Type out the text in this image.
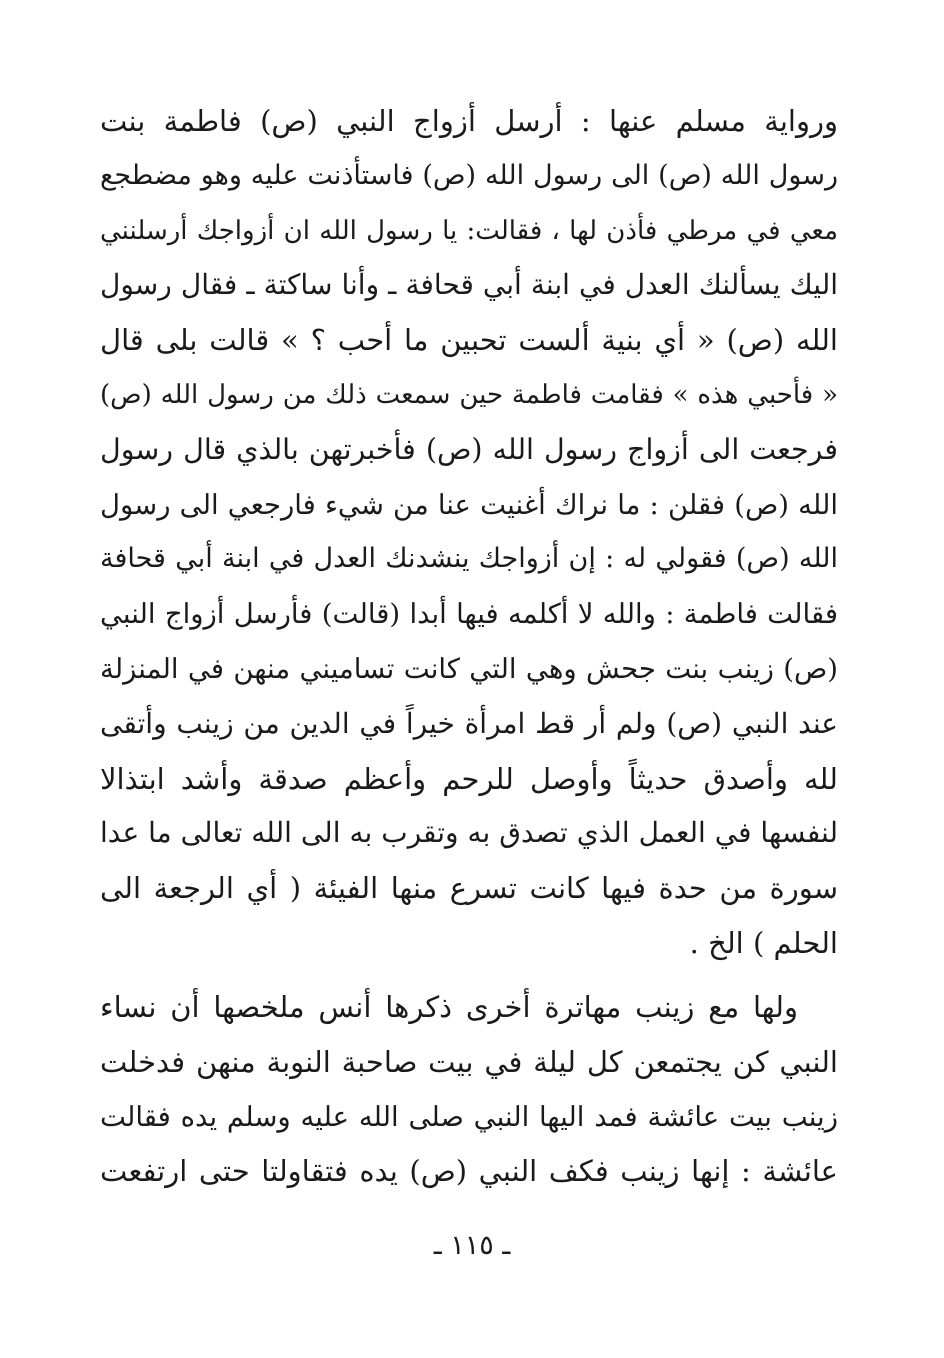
ورواية مسلم عنها : أرسل أزواج النبي (ص) فاطمة بنت
رسول الله (ص) الى رسول الله (ص) فاستأذنت عليه وهو مضطجع
معي في مرطي فأذن لها ، فقالت: يا رسول الله ان أزواجك أرسلنني
اليك يسألنك العدل في ابنة أبي قحافة ـ وأنا ساكتة ـ فقال رسول
الله (ص) « أي بنية ألست تحبين ما أحب ؟ » قالت بلى قال
« فأحبي هذه » فقامت فاطمة حين سمعت ذلك من رسول الله (ص)
فرجعت الى أزواج رسول الله (ص) فأخبرتهن بالذي قال رسول
الله (ص) فقلن : ما نراك أغنيت عنا من شيء فارجعي الى رسول
الله (ص) فقولي له : إن أزواجك ينشدنك العدل في ابنة أبي قحافة
فقالت فاطمة : والله لا أكلمه فيها أبدا (قالت) فأرسل أزواج النبي
(ص) زينب بنت جحش وهي التي كانت تساميني منهن في المنزلة
عند النبي (ص) ولم أر قط امرأة خيراً في الدين من زينب وأتقى
لله وأصدق حديثاً وأوصل للرحم وأعظم صدقة وأشد ابتذالا
لنفسها في العمل الذي تصدق به وتقرب به الى الله تعالى ما عدا
سورة من حدة فيها كانت تسرع منها الفيئة ( أي الرجعة الى
الحلم ) الخ .
ولها مع زينب مهاترة أخرى ذكرها أنس ملخصها أن نساء
النبي كن يجتمعن كل ليلة في بيت صاحبة النوبة منهن فدخلت
زينب بيت عائشة فمد اليها النبي صلى الله عليه وسلم يده فقالت
عائشة : إنها زينب فكف النبي (ص) يده فتقاولتا حتى ارتفعت
ـ ١١٥ ـ
